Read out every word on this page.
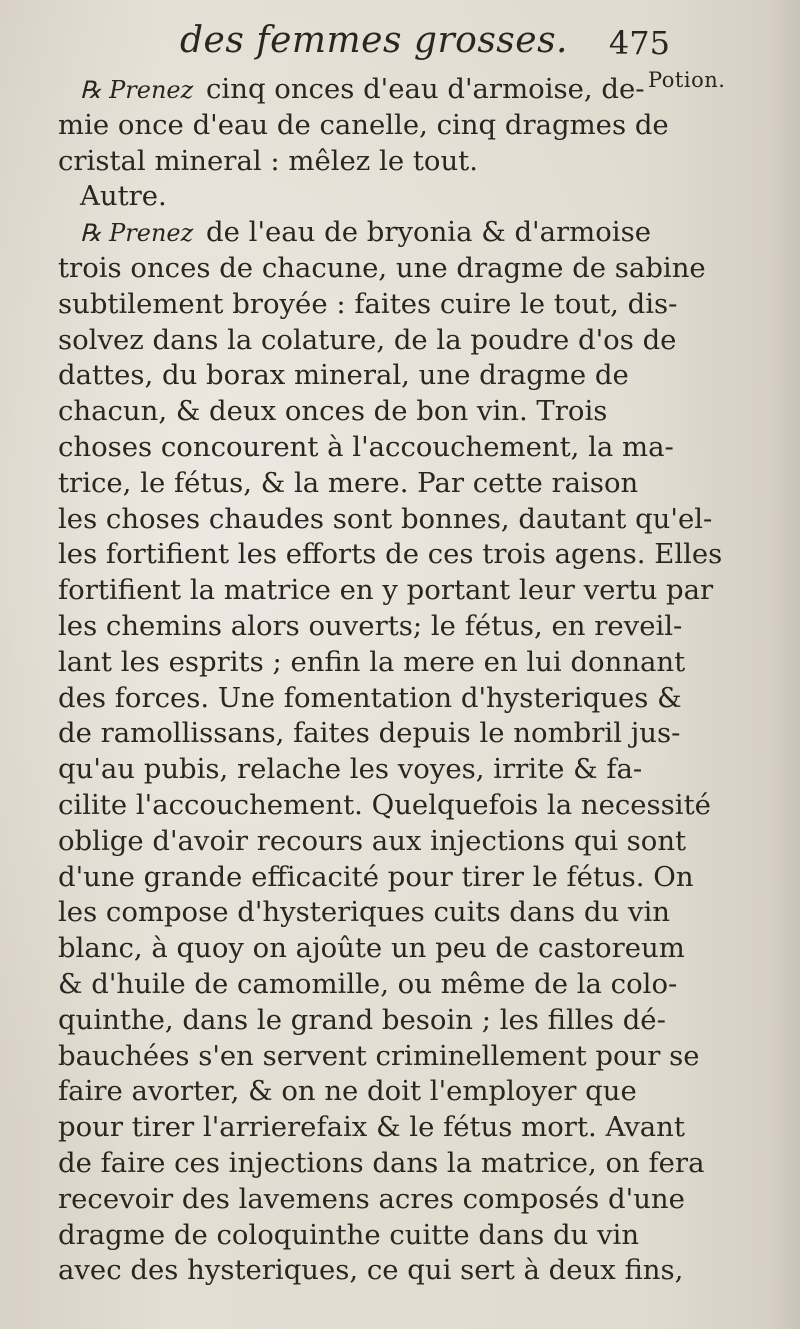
des femmes grosses. 475
Potion.
℞ Prenez cinq onces d'eau d'armoise, de-
mie once d'eau de canelle, cinq dragmes de
cristal mineral : mêlez le tout.
Autre.
℞ Prenez de l'eau de bryonia & d'armoise
trois onces de chacune, une dragme de sabine
subtilement broyée : faites cuire le tout, dis-
solvez dans la colature, de la poudre d'os de
dattes, du borax mineral, une dragme de
chacun, & deux onces de bon vin. Trois
choses concourent à l'accouchement, la ma-
trice, le fétus, & la mere. Par cette raison
les choses chaudes sont bonnes, dautant qu'el-
les fortifient les efforts de ces trois agens. Elles
fortifient la matrice en y portant leur vertu par
les chemins alors ouverts; le fétus, en reveil-
lant les esprits ; enfin la mere en lui donnant
des forces. Une fomentation d'hysteriques &
de ramollissans, faites depuis le nombril jus-
qu'au pubis, relache les voyes, irrite & fa-
cilite l'accouchement. Quelquefois la necessité
oblige d'avoir recours aux injections qui sont
d'une grande efficacité pour tirer le fétus. On
les compose d'hysteriques cuits dans du vin
blanc, à quoy on ajoûte un peu de castoreum
& d'huile de camomille, ou même de la colo-
quinthe, dans le grand besoin ; les filles dé-
bauchées s'en servent criminellement pour se
faire avorter, & on ne doit l'employer que
pour tirer l'arrierefaix & le fétus mort. Avant
de faire ces injections dans la matrice, on fera
recevoir des lavemens acres composés d'une
dragme de coloquinthe cuitte dans du vin
avec des hysteriques, ce qui sert à deux fins,
